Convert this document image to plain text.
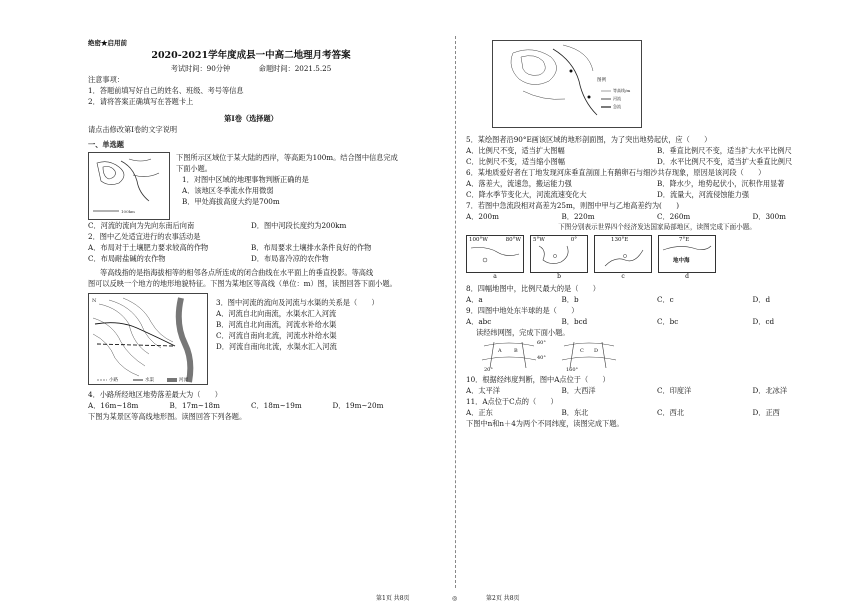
绝密★启用前
2020-2021学年度成县一中高二地理月考答案
考试时间：90分钟	命题时间：2021.5.25
注意事项：
1．答题前填写好自己的姓名、班级、考号等信息
2．请将答案正确填写在答题卡上
第Ⅰ卷（选择题）
请点击修改第Ⅰ卷的文字说明
一、单选题
100km
下图所示区域位于某大陆的西岸，等高距为100m。结合图中信息完成
下面小题。
1．对图中区域的地理事物判断正确的是
A．该地区冬季流水作用微弱
B．甲处海拔高度大约是700m
C．河流的流向为先向东南后向南	D．图中河段长度约为200km
2．图中乙处适宜进行的农事活动是
A．布局对于土壤肥力要求较高的作物	B．布局要求土壤排水条件良好的作物
C．布局耐盐碱的农作物	D．布局喜冷凉的农作物
等高线指的是指海拔相等的相邻各点所连成的闭合曲线在水平面上的垂直投影。等高线
图可以反映一个地方的地形地貌特征。下图为某地区等高线（单位：m）图，读图回答下面小题。
N
小路	水渠	河流
3．图中河流的流向及河流与水渠的关系是（　　）
A．河流自北向南流，水渠水汇入河流
B．河流自北向南流，河流水补给水渠
C．河流自南向北流，河流水补给水渠
D．河流自南向北流，水渠水汇入河流
4．小路所经地区地势落差最大为（　　）
A．16m~18m	B．17m~18m	C．18m~19m	D．19m~20m
下图为某景区等高线地形图。读图回答下列各题。
图例
等高线/m
河流
急流
5．某绘图者沿90°E画该区域的地形剖面图，为了突出地势起伏，应（　　）
A．比例尺不变，适当扩大图幅	B．垂直比例尺不变，适当扩大水平比例尺
C．比例尺不变，适当缩小图幅	D．水平比例尺不变，适当扩大垂直比例尺
6．某地质爱好者在丁地发现河床垂直剖面上有鹅卵石与细沙共存现象，原因是该河段（　　）
A．落差大，流速急，搬运能力强	B．降水少，地势起伏小，沉积作用显著
C．降水季节变化大，河流流速变化大	D．流量大，河流侵蚀能力强
7．若图中急流段相对高差为25m，则图中甲与乙地高差约为(　　)
A．200m	B．220m	C．260m	D．300m
下图分别表示世界四个经济发达国家局部地区，读图完成下面小题。
100°W	80°W 5°W	0°	130°E	7°E
地中海
a	b	c	d
8．四幅地图中，比例尺最大的是（　　）
A．a	B．b	C．c	D．d
9．四图中地处东半球的是（　　）
A．abc	B．bcd	C．bc	D．cd
读经纬网图，完成下面小题。
60°
40°
20°	160°
A B	C D
10．根据经纬度判断，图中A点位于（　　）
A．太平洋	B．大西洋	C．印度洋	D．北冰洋
11．A点位于C点的（　　）
A．正东	B．东北	C．西北	D．正西
下图中n和n＋4为两个不同纬度，读图完成下题。
第1页 共8页	◎	第2页 共8页
